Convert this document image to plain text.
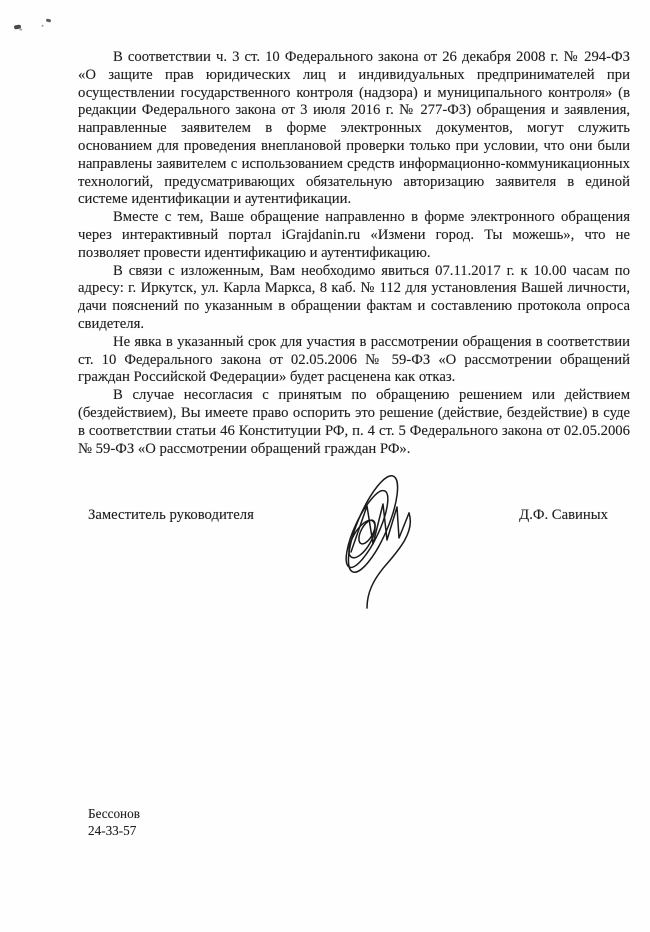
В соответствии ч. 3 ст. 10 Федерального закона от 26 декабря 2008 г. № 294-ФЗ «О защите прав юридических лиц и индивидуальных предпринимателей при осуществлении государственного контроля (надзора) и муниципального контроля» (в редакции Федерального закона от 3 июля 2016 г. № 277-ФЗ) обращения и заявления, направленные заявителем в форме электронных документов, могут служить основанием для проведения внеплановой проверки только при условии, что они были направлены заявителем с использованием средств информационно-коммуникационных технологий, предусматривающих обязательную авторизацию заявителя в единой системе идентификации и аутентификации.

Вместе с тем, Ваше обращение направленно в форме электронного обращения через интерактивный портал iGrajdanin.ru «Измени город. Ты можешь», что не позволяет провести идентификацию и аутентификацию.

В связи с изложенным, Вам необходимо явиться 07.11.2017 г. к 10.00 часам по адресу: г. Иркутск, ул. Карла Маркса, 8 каб. № 112 для установления Вашей личности, дачи пояснений по указанным в обращении фактам и составлению протокола опроса свидетеля.

Не явка в указанный срок для участия в рассмотрении обращения в соответствии ст. 10 Федерального закона от 02.05.2006 № 59-ФЗ «О рассмотрении обращений граждан Российской Федерации» будет расценена как отказ.

В случае несогласия с принятым по обращению решением или действием (бездействием), Вы имеете право оспорить это решение (действие, бездействие) в суде в соответствии статьи 46 Конституции РФ, п. 4 ст. 5 Федерального закона от 02.05.2006 № 59-ФЗ «О рассмотрении обращений граждан РФ».

Заместитель руководителя	Д.Ф. Савиных
Бессонов
24-33-57
